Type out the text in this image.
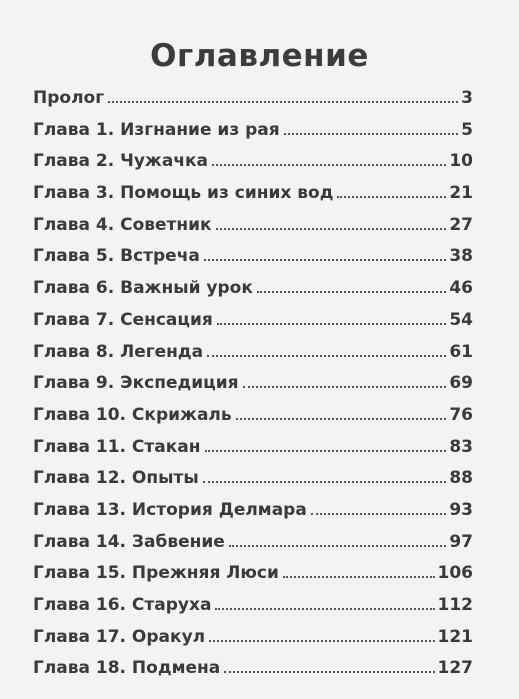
Оглавление
Пролог	3
Глава 1. Изгнание из рая	5
Глава 2. Чужачка	10
Глава 3. Помощь из синих вод	21
Глава 4. Советник	27
Глава 5. Встреча	38
Глава 6. Важный урок	46
Глава 7. Сенсация	54
Глава 8. Легенда	61
Глава 9. Экспедиция	69
Глава 10. Скрижаль	76
Глава 11. Стакан	83
Глава 12. Опыты	88
Глава 13. История Делмара	93
Глава 14. Забвение	97
Глава 15. Прежняя Люси	106
Глава 16. Старуха	112
Глава 17. Оракул	121
Глава 18. Подмена	127
